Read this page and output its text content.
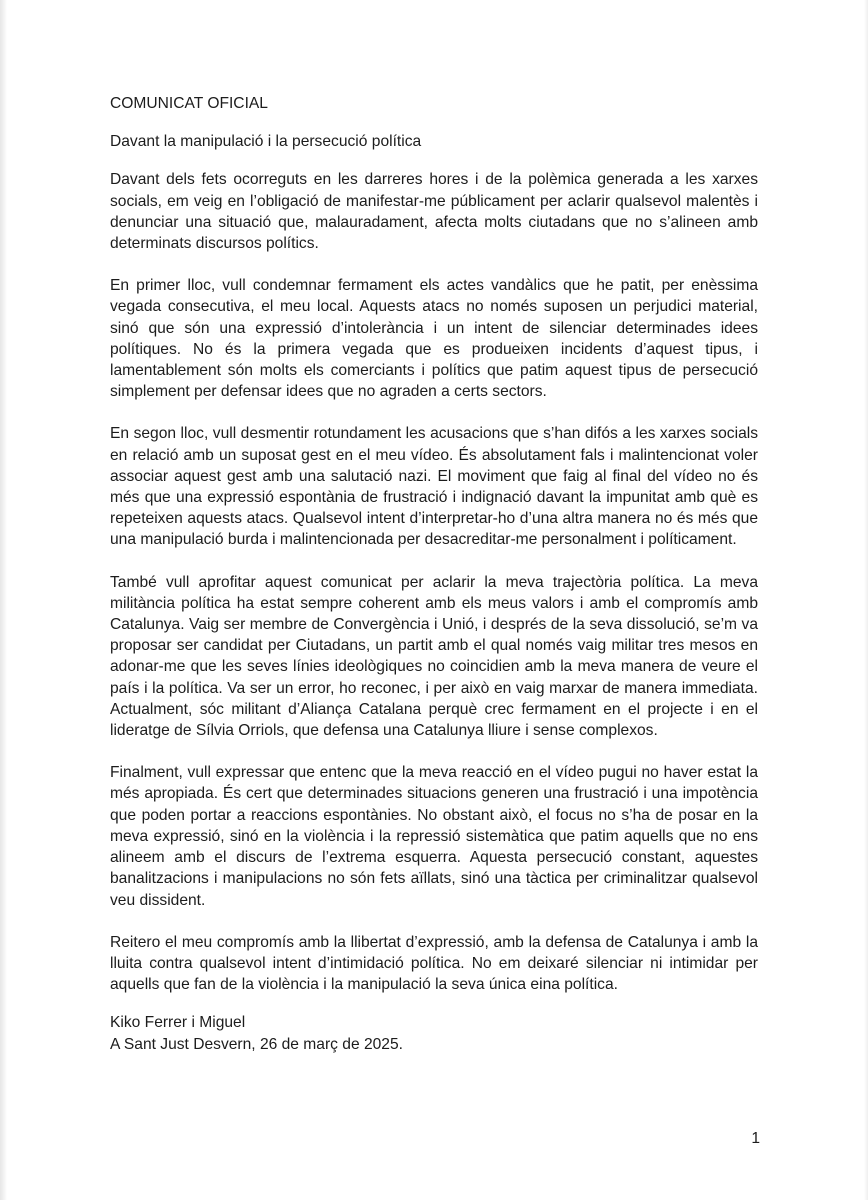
COMUNICAT OFICIAL

Davant la manipulació i la persecució política

Davant dels fets ocorreguts en les darreres hores i de la polèmica generada a les xarxes socials, em veig en l’obligació de manifestar-me públicament per aclarir qualsevol malentès i denunciar una situació que, malauradament, afecta molts ciutadans que no s’alineen amb determinats discursos polítics.

En primer lloc, vull condemnar fermament els actes vandàlics que he patit, per enèssima vegada consecutiva, el meu local. Aquests atacs no només suposen un perjudici material, sinó que són una expressió d’intolerància i un intent de silenciar determinades idees polítiques. No és la primera vegada que es produeixen incidents d’aquest tipus, i lamentablement són molts els comerciants i polítics que patim aquest tipus de persecució simplement per defensar idees que no agraden a certs sectors.

En segon lloc, vull desmentir rotundament les acusacions que s’han difós a les xarxes socials en relació amb un suposat gest en el meu vídeo. És absolutament fals i malintencionat voler associar aquest gest amb una salutació nazi. El moviment que faig al final del vídeo no és més que una expressió espontània de frustració i indignació davant la impunitat amb què es repeteixen aquests atacs. Qualsevol intent d’interpretar-ho d’una altra manera no és més que una manipulació burda i malintencionada per desacreditar-me personalment i políticament.

També vull aprofitar aquest comunicat per aclarir la meva trajectòria política. La meva militància política ha estat sempre coherent amb els meus valors i amb el compromís amb Catalunya. Vaig ser membre de Convergència i Unió, i després de la seva dissolució, se’m va proposar ser candidat per Ciutadans, un partit amb el qual només vaig militar tres mesos en adonar-me que les seves línies ideològiques no coincidien amb la meva manera de veure el país i la política. Va ser un error, ho reconec, i per això en vaig marxar de manera immediata. Actualment, sóc militant d’Aliança Catalana perquè crec fermament en el projecte i en el lideratge de Sílvia Orriols, que defensa una Catalunya lliure i sense complexos.

Finalment, vull expressar que entenc que la meva reacció en el vídeo pugui no haver estat la més apropiada. És cert que determinades situacions generen una frustració i una impotència que poden portar a reaccions espontànies. No obstant això, el focus no s’ha de posar en la meva expressió, sinó en la violència i la repressió sistemàtica que patim aquells que no ens alineem amb el discurs de l’extrema esquerra. Aquesta persecució constant, aquestes banalitzacions i manipulacions no són fets aïllats, sinó una tàctica per criminalitzar qualsevol veu dissident.

Reitero el meu compromís amb la llibertat d’expressió, amb la defensa de Catalunya i amb la lluita contra qualsevol intent d’intimidació política. No em deixaré silenciar ni intimidar per aquells que fan de la violència i la manipulació la seva única eina política.

Kiko Ferrer i Miguel
A Sant Just Desvern, 26 de març de 2025.
1
